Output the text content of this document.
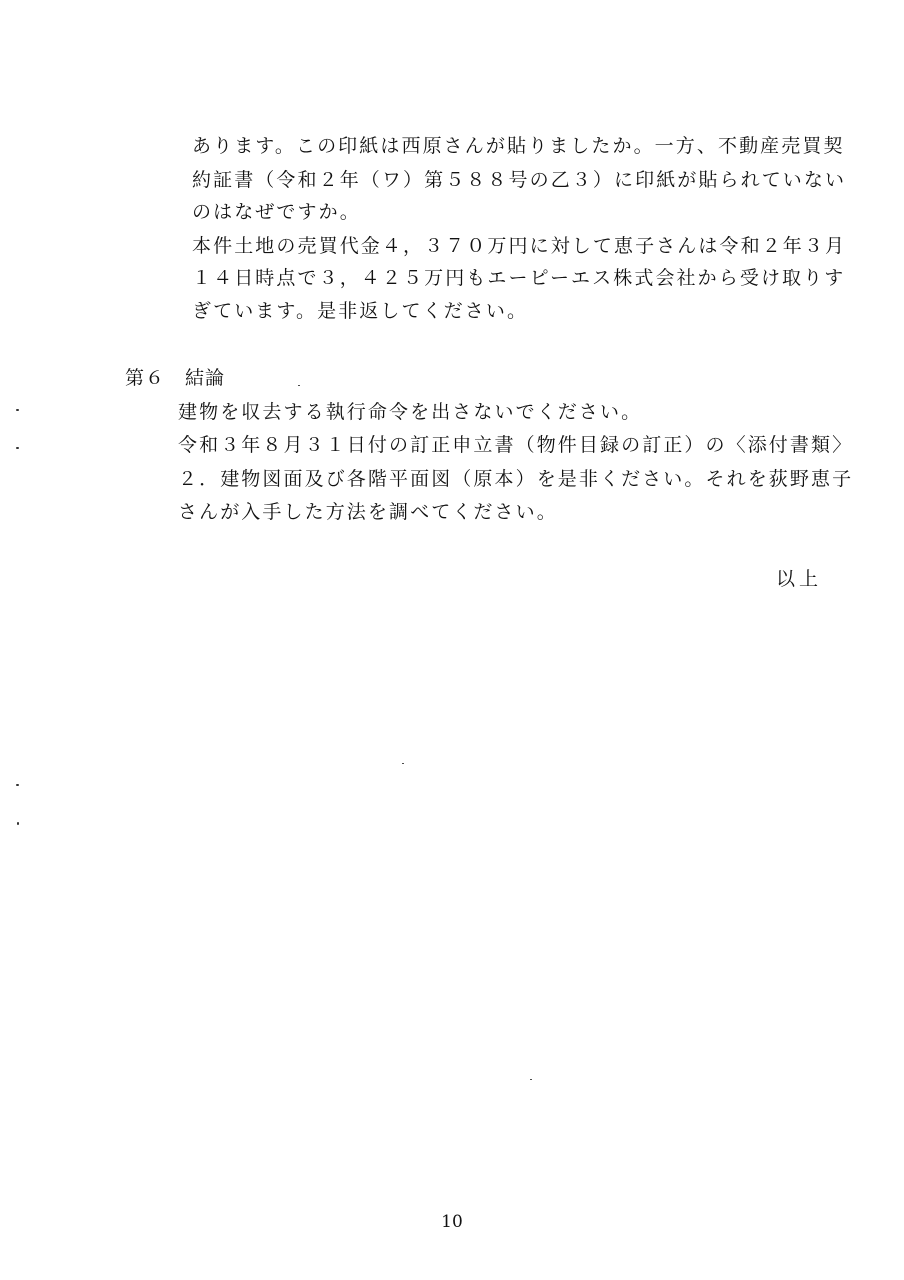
あります。この印紙は西原さんが貼りましたか。一方、不動産売買契
約証書（令和２年（ワ）第５８８号の乙３）に印紙が貼られていない
のはなぜですか。
本件土地の売買代金４，３７０万円に対して恵子さんは令和２年３月
１４日時点で３，４２５万円もエーピーエス株式会社から受け取りす
ぎています。是非返してください。
第６ 結論
建物を収去する執行命令を出さないでください。
令和３年８月３１日付の訂正申立書（物件目録の訂正）の〈添付書類〉
２．建物図面及び各階平面図（原本）を是非ください。それを荻野恵子
さんが入手した方法を調べてください。
以上
10
